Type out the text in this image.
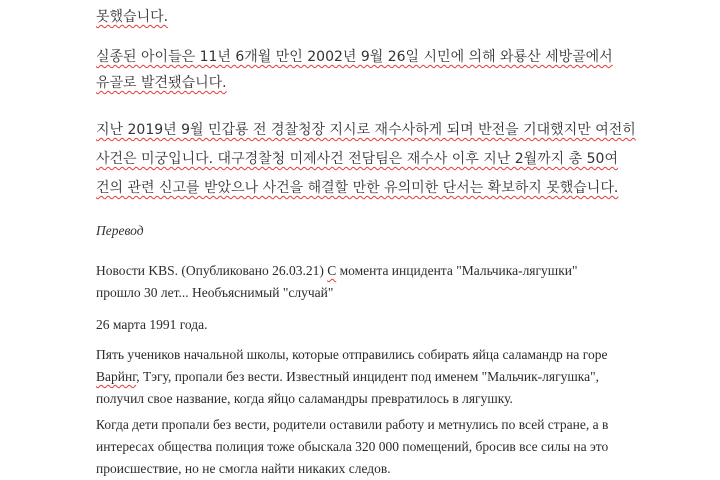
못했습니다.

실종된 아이들은 11년 6개월 만인 2002년 9월 26일 시민에 의해 와룡산 세방골에서
유골로 발견됐습니다.

지난 2019년 9월 민갑룡 전 경찰청장 지시로 재수사하게 되며 반전을 기대했지만 여전히
사건은 미궁입니다. 대구경찰청 미제사건 전담팀은 재수사 이후 지난 2월까지 총 50여
건의 관련 신고를 받았으나 사건을 해결할 만한 유의미한 단서는 확보하지 못했습니다.

Перевод

Новости KBS. (Опубликовано 26.03.21) С момента инцидента "Мальчика-лягушки"
прошло 30 лет... Необъяснимый "случай"

26 марта 1991 года.

Пять учеников начальной школы, которые отправились собирать яйца саламандр на горе
Варйнг, Тэгу, пропали без вести. Известный инцидент под именем "Мальчик-лягушка",
получил свое название, когда яйцо саламандры превратилось в лягушку.

Когда дети пропали без вести, родители оставили работу и метнулись по всей стране, а в
интересах общества полиция тоже обыскала 320 000 помещений, бросив все силы на это
происшествие, но не смогла найти никаких следов.
